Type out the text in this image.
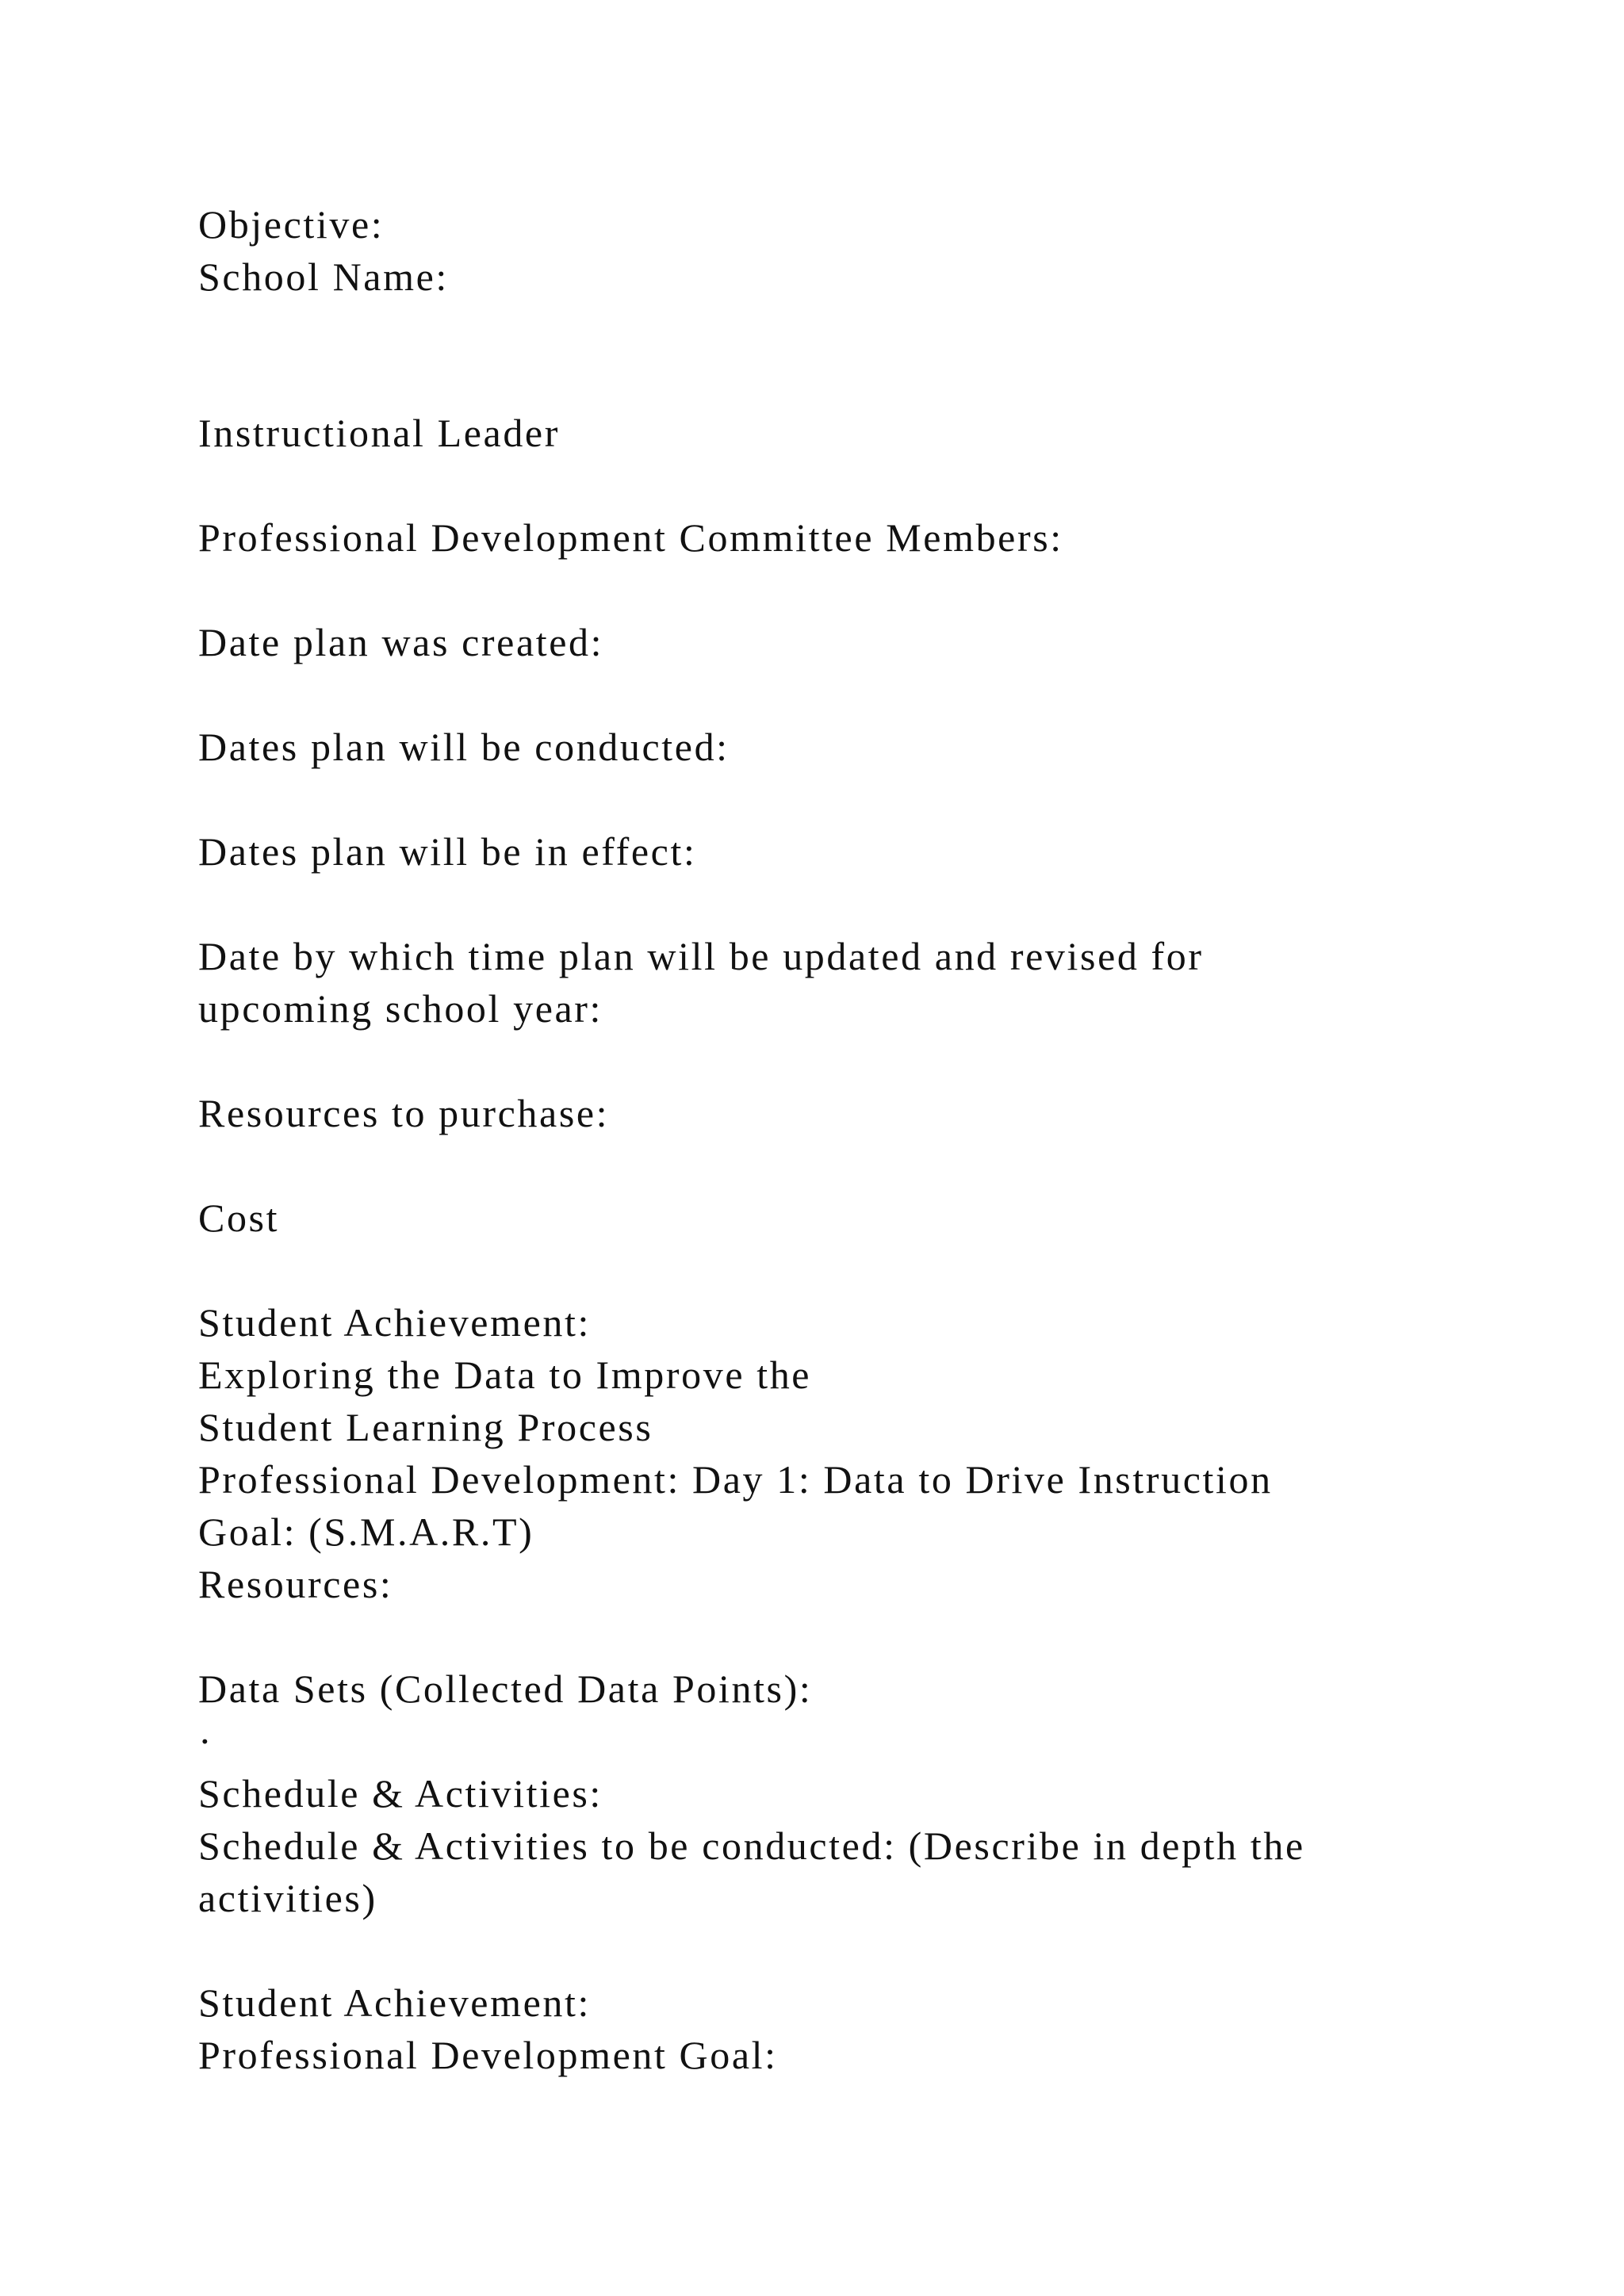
Objective:

School Name:

Instructional Leader

Professional Development Committee Members:

Date plan was created:

Dates plan will be conducted:

Dates plan will be in effect:

Date by which time plan will be updated and revised for

upcoming school year:

Resources to purchase:

Cost

Student Achievement:

Exploring the Data to Improve the

Student Learning Process

Professional Development: Day 1: Data to Drive Instruction

Goal: (S.M.A.R.T)

Resources:

Data Sets (Collected Data Points):

·

Schedule & Activities:

Schedule & Activities to be conducted: (Describe in depth the

activities)

Student Achievement:

Professional Development Goal:
